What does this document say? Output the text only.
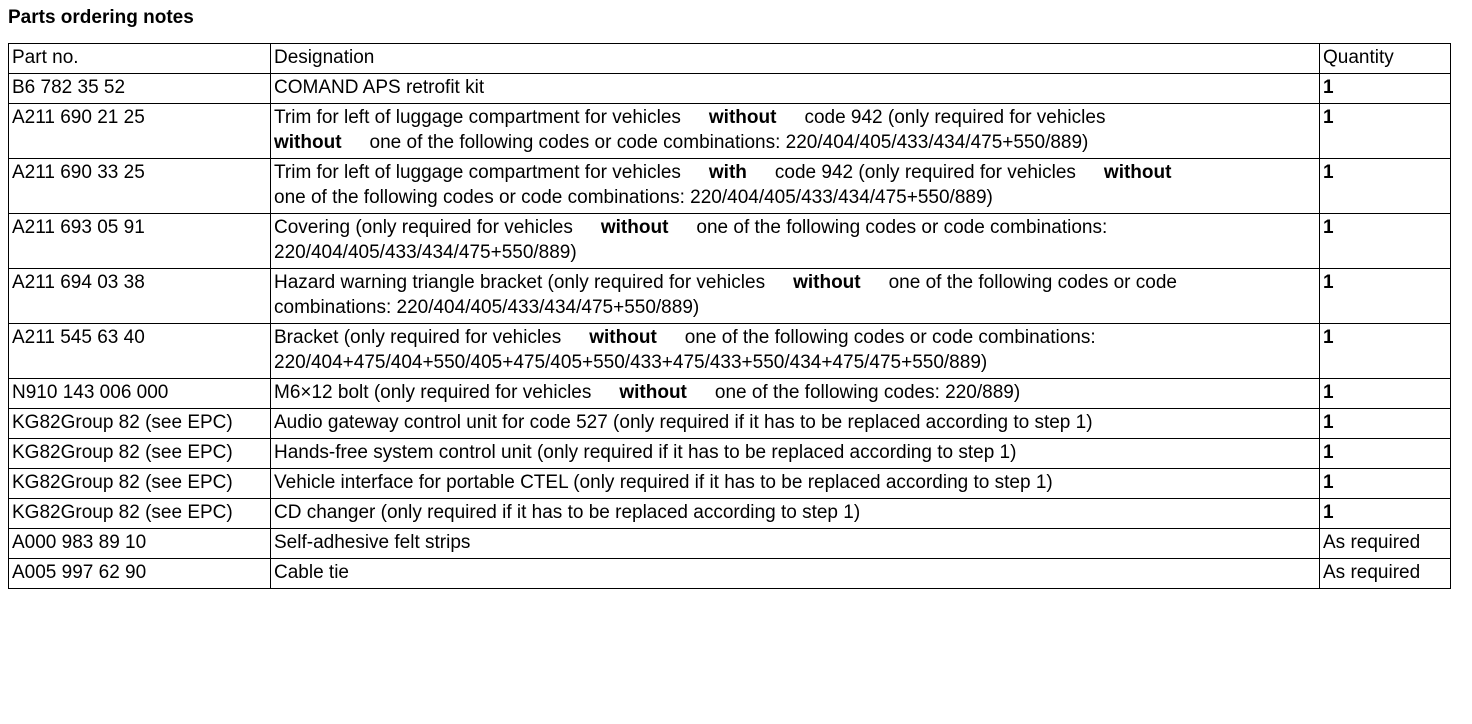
Parts ordering notes
Part no.	Designation	Quantity
B6 782 35 52	COMAND APS retrofit kit	1
A211 690 21 25	Trim for left of luggage compartment for vehicles without code 942 (only required for vehicles
without one of the following codes or code combinations: 220/404/405/433/434/475+550/889)	1
A211 690 33 25	Trim for left of luggage compartment for vehicles with code 942 (only required for vehicles without
one of the following codes or code combinations: 220/404/405/433/434/475+550/889)	1
A211 693 05 91	Covering (only required for vehicles without one of the following codes or code combinations:
220/404/405/433/434/475+550/889)	1
A211 694 03 38	Hazard warning triangle bracket (only required for vehicles without one of the following codes or code
combinations: 220/404/405/433/434/475+550/889)	1
A211 545 63 40	Bracket (only required for vehicles without one of the following codes or code combinations:
220/404+475/404+550/405+475/405+550/433+475/433+550/434+475/475+550/889)	1
N910 143 006 000	M6×12 bolt (only required for vehicles without one of the following codes: 220/889)	1
KG82Group 82 (see EPC)	Audio gateway control unit for code 527 (only required if it has to be replaced according to step 1)	1
KG82Group 82 (see EPC)	Hands-free system control unit (only required if it has to be replaced according to step 1)	1
KG82Group 82 (see EPC)	Vehicle interface for portable CTEL (only required if it has to be replaced according to step 1)	1
KG82Group 82 (see EPC)	CD changer (only required if it has to be replaced according to step 1)	1
A000 983 89 10	Self-adhesive felt strips	As required
A005 997 62 90	Cable tie	As required
